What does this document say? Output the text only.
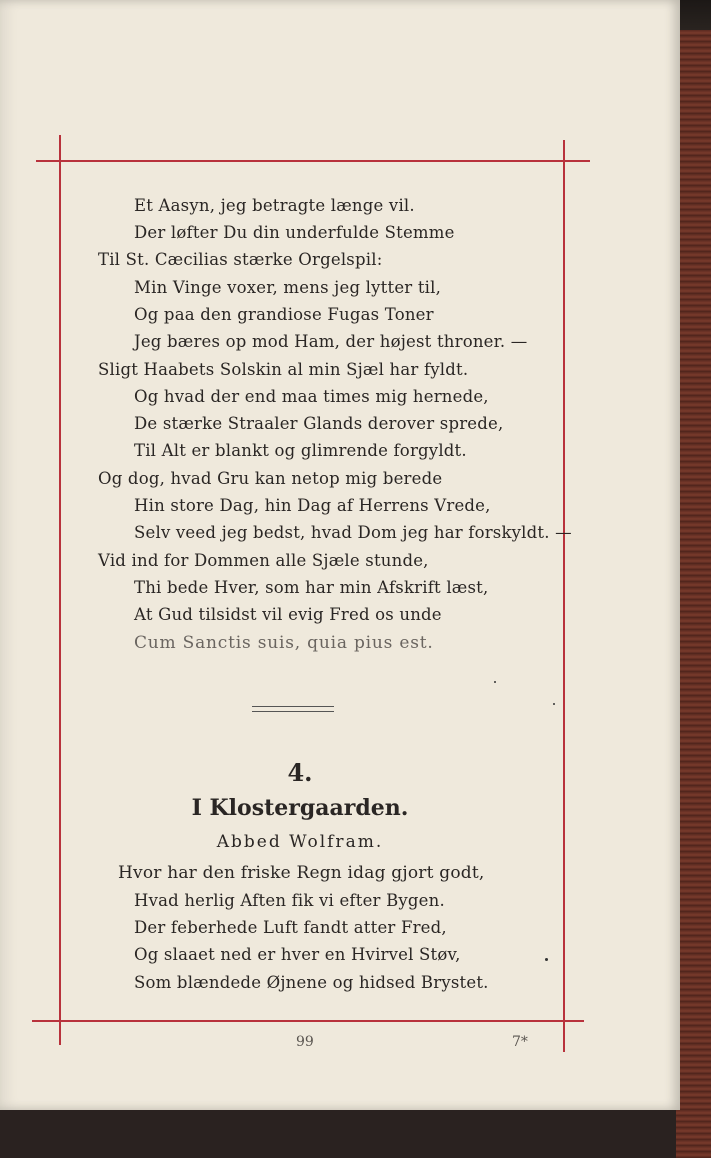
Et Aasyn, jeg betragte længe vil.
Der løfter Du din underfulde Stemme
Til St. Cæcilias stærke Orgelspil:
Min Vinge voxer, mens jeg lytter til,
Og paa den grandiose Fugas Toner
Jeg bæres op mod Ham, der højest throner. —
Sligt Haabets Solskin al min Sjæl har fyldt.
Og hvad der end maa times mig hernede,
De stærke Straaler Glands derover sprede,
Til Alt er blankt og glimrende forgyldt.
Og dog, hvad Gru kan netop mig berede
Hin store Dag, hin Dag af Herrens Vrede,
Selv veed jeg bedst, hvad Dom jeg har forskyldt. —
Vid ind for Dommen alle Sjæle stunde,
Thi bede Hver, som har min Afskrift læst,
At Gud tilsidst vil evig Fred os unde
Cum Sanctis suis, quia pius est.
4.
I Klostergaarden.
Abbed Wolfram.
Hvor har den friske Regn idag gjort godt,
Hvad herlig Aften fik vi efter Bygen.
Der feberhede Luft fandt atter Fred,
Og slaaet ned er hver en Hvirvel Støv,
Som blændede Øjnene og hidsed Brystet.
99	7*
